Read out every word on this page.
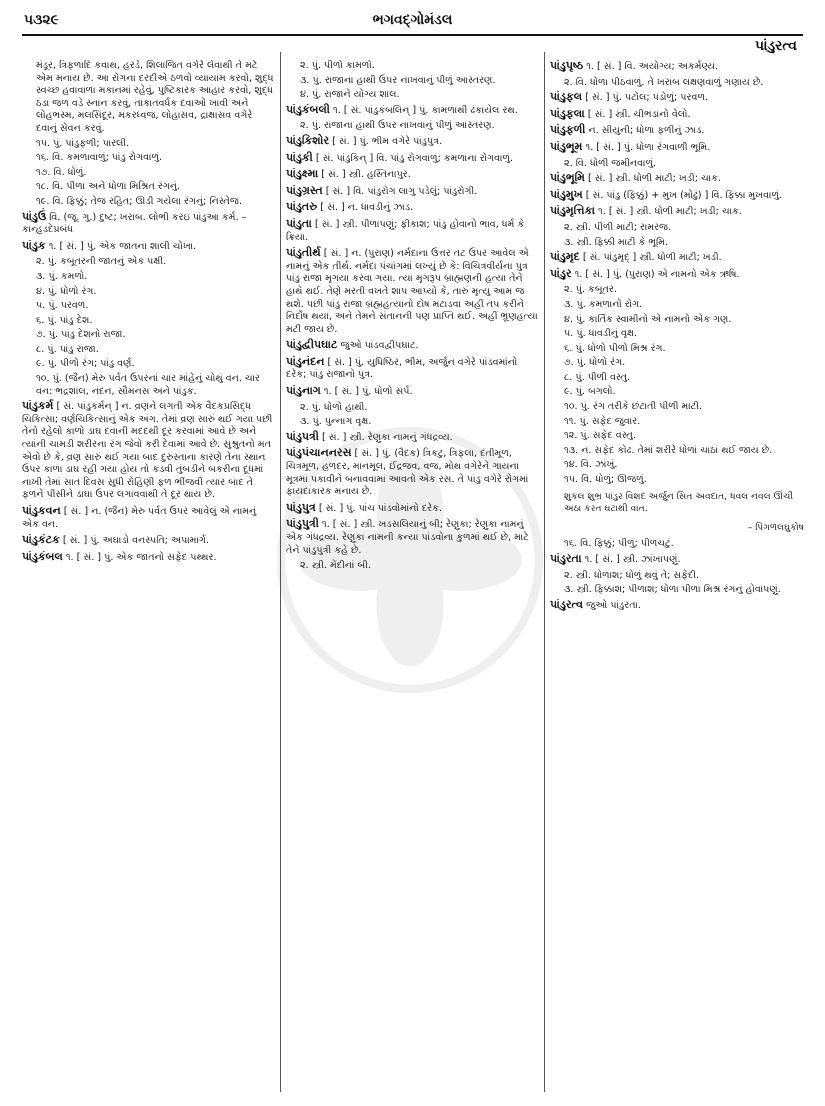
પ૩૨૯	ભગવદ્ગોમંડલ
પાંડુરત્વ
મંડૂર, ત્રિફળાદિ કવાથ, હરડે, શિલાજિત વગેરે લેવાથી તે મટે એમ મનાય છે. આ રોગના દરદીએ ઠળવો વ્યાયામ કરવો, શુદ્ધ સ્વચ્છ હવાવાળા મકાનમાં રહેવું, પુષ્ટિકારક આહાર કરવો, શુદ્ધ ઠંડા જળ વડે સ્નાન કરવું, તાકાતવર્ધક દવાઓ ખાવી અને લોહભસ્મ, મલસિંદૂર, મકરધ્વજ, લોહાસવ, દ્રાક્ષાસવ વગેરે દવાનું સેવન કરવું.
૧૫. પું. પાંડુફળી; પારલી.
૧૬. વિ. કમળાવાળું; પાંડુ રોગવાળું.
૧૭. વિ. ધોળું.
૧૮. વિ. પીળા અને ધોળા મિશ્રિત રંગનું.
૧૯. વિ. ફિક્કું; તેજ રહિત; ઊડી ગયેલા રંગનું; નિસ્તેજ.
પાંડુઉં વિ. (જૂ. ગુ.) દુષ્ટ; ખરાબ. લોભી કરઇ પાંડુઆ કર્મ. – કાન્હડદેપ્રબંધ
પાંડુક ૧. [ સં. ] પું. એક જાતના શાલી ચોખા.
૨. પું. કબૂતરની જાતનું એક પક્ષી.
૩. પું. કમળો.
૪. પું. ધોળો રંગ.
૫. પું. પરવળ.
૬. પું. પાંડુ દેશ.
૭. પું. પાંડુ દેશનો રાજા.
૮. પું. પાંડુ રાજા.
૯. પું. પીળો રંગ; પાંડુ વર્ણ.
૧૦. પું. (જૈન) મેરુ પર્વત ઉપરનાં ચાર માંહેનું ચોથું વન. ચાર વન: ભદ્રશાલ, નંદન, સૌમનસ અને પાંડુક.
પાંડુકર્મ [ સં. પાંડુકર્મન્ ] ન. વ્રણને લગતી એક વૈદકપ્રસિદ્ધ ચિકિત્સા; વર્ણચિકિત્સાનું એક અંગ. તેમાં વ્રણ સારું થઈ ગયા પછી તેનો રહેલો કાળો ડાઘ દવાની મદદથી દૂર કરવામાં આવે છે અને ત્યાંની ચામડી શરીરના રંગ જેવો કરી દેવામાં આવે છે. સુશ્રુતનો મત એવો છે કે, વ્રણ સારું થઈ ગયા બાદ દુરુસ્તાના કારણે તેના સ્થાન ઉપર કાળા ડાઘ રહી ગયા હોય તો કડવી તુંબડીને બકરીના દૂધમાં નાખી તેમાં સાત દિવસ સુધી રોહિણી ફળ ભીંજવી ત્યાર બાદ તે ફળને પીસીને ડાઘા ઉપર લગાવવાથી તે દૂર થાય છે.
પાંડુકવન [ સં. ] ન. (જૈન) મેરુ પર્વત ઉપર આવેલું એ નામનું એક વન.
પાંડુકંટક [ સં. ] પું. અઘાડો વનસ્પતિ; અપામાર્ગ.
પાંડુકંબલ ૧. [ સં. ] પું. એક જાતનો સફેદ પથ્થર.
૨. પું. પીળો કામળો.
૩. પું. રાજાના હાથી ઉપર નાખવાનું પીળું આસ્તરણ.
૪. પું. રાજાને યોગ્ય શાલ.
પાંડુકંબલી ૧. [ સં. પાંડુકંબલિન્ ] પું. કામળાથી ઢંકાયેલ રથ.
૨. પું. રાજાના હાથી ઉપર નાખવાનું પીળું આસ્તરણ.
પાંડુકિશોર [ સં. ] પું. ભીમ વગેરે પાંડુપુત્ર.
પાંડુકી [ સં. પાંડુકિન્ ] વિ. પાંડુ રોગવાળું; કમળાના રોગવાળું.
પાંડુક્ષ્મા [ સં. ] સ્ત્રી. હસ્તિનાપુર.
પાંડુગ્રસ્ત [ સં. ] વિ. પાંડુરોગ લાગુ પડેલું; પાંડુરોગી.
પાંડુતરુ [ સં. ] ન. ધાવડીનું ઝાડ.
પાંડુતા [ સં. ] સ્ત્રી. પીળાપણું; ફીકાશ; પાંડુ હોવાનો ભાવ, ધર્મ કે ક્રિયા.
પાંડુતીર્થ [ સં. ] ન. (પુરાણ) નર્મદાના ઉત્તર તટ ઉપર આવેલ એ નામનું એક તીર્થ. નર્મદા પંચાંગમાં લખ્યું છે કે: વિચિત્રવીર્યના પુત્ર પાંડુ રાજા મૃગયા કરવા ગયા. ત્યાં મૃગરૂપ બ્રાહ્મણની હત્યા તેને હાથે થઈ. તેણે મરતી વખતે શાપ આપ્યો કે, તારું મૃત્યુ આમ જ થશે. પછી પાંડુ રાજા બ્રહ્મહત્યાનો દોષ મટાડવા અહીં તપ કરીને નિર્દોષ થયા, અને તેમને સંતાનની પણ પ્રાપ્તિ થઈ. અહીં ભ્રૂણહત્યા મટી જાય છે.
પાંડુદ્વીપઘાટ જુઓ પાંડવદ્વીપઘાટ.
પાંડુનંદન [ સં. ] પું. યુધિષ્ઠિર, ભીમ, અર્જુન વગેરે પાંડવમાંનો દરેક; પાંડુ રાજાનો પુત્ર.
પાંડુનાગ ૧. [ સં. ] પું. ધોળો સર્પ.
૨. પું. ધોળો હાથી.
૩. પું. પુન્નાગ વૃક્ષ.
પાંડુપત્રી [ સં. ] સ્ત્રી. રેણુકા નામનું ગંધદ્રવ્ય.
પાંડુપંચાનનરસ [ સં. ] પું. (વૈદક) ત્રિકટુ, ત્રિફલા, દંતીમૂળ, ચિત્રમૂળ, હળદર, માનમૂલ, ઈંદ્રજવ, વજ, મોથ વગેરેને ગાયના મૂત્રમાં પકાવીને બનાવવામાં આવતો એક રસ. તે પાંડુ વગેરે રોગમાં ફાયદાકારક મનાય છે.
પાંડુપુત્ર [ સં. ] પું. પાંચ પાંડવોમાંનો દરેક.
પાંડુપુત્રી ૧. [ સં. ] સ્ત્રી. ખડસલિયાનું બી; રેણુકા; રેણુકા નામનું એક ગંધદ્રવ્ય. રેણુકા નામની કન્યા પાંડવોના કુળમાં થઈ છે, માટે તેને પાંડુપુત્રી કહે છે.
૨. સ્ત્રી. મેંદીનાં બી.
પાંડુપૃષ્ઠ ૧. [ સં. ] વિ. અયોગ્ય; અકર્મણ્ય.
૨. વિ. ધોળા પીઠવાળું. તે ખરાબ લક્ષણવાળું ગણાય છે.
પાંડુફલ [ સં. ] પું. પટોલ; પડોળું; પરવળ.
પાંડુફલા [ સં. ] સ્ત્રી. ચીભડાનો વેલો.
પાંડુફળી ન. સીયુની; ધોળા ફળીનું ઝાડ.
પાંડુભૂમ ૧. [ સં. ] પું. ધોળા રંગવાળી ભૂમિ.
૨. વિ. ધોળી જમીનવાળું.
પાંડુભૂમિ [ સં. ] સ્ત્રી. ધોળી માટી; ખડી; ચાક.
પાંડુમુખ [ સં. પાંડુ (ફિક્કું) + મુખ (મોઢું) ] વિ. ફિક્કા મુખવાળું.
પાંડુમૃત્તિકા ૧. [ સં. ] સ્ત્રી. ધોળી માટી; ખડી; ચાક.
૨. સ્ત્રી. પીળી માટી; રામરજ.
૩. સ્ત્રી. ફિક્કી માટી કે ભૂમિ.
પાંડુમૃદ [ સં. પાંડુમૃદ્ ] સ્ત્રી. ધોળી માટી; ખડી.
પાંડુર ૧. [ સં. ] પું. (પુરાણ) એ નામનો એક ઋષિ.
૨. પું. કબૂતર.
૩. પું. કમળાનો રોગ.
૪. પું. કાર્તિક સ્વામીનો એ નામનો એક ગણ.
૫. પું. ધાવડીનું વૃક્ષ.
૬. પું. ધોળો પીળો મિશ્ર રંગ.
૭. પું. ધોળો રંગ.
૮. પું. પીળી વસ્તુ.
૯. પું. બગલો.
૧૦. પું. રંગ તરીકે છંટાતી પીળી માટી.
૧૧. પું. સફેદ જુવાર.
૧૨. પું. સફેદ વસ્તુ.
૧૩. ન. સફેદ કોઢ. તેમાં શરીરે ધોળાં ચાઠાં થઈ જાય છે.
૧૪. વિ. ઝાંખું.
૧૫. વિ. ધોળું; ઊજળું.
શુકલ શુભ્ર પાંડુર વિશદ અર્જુન સિત અવદાત, ધવલ નવલ ઊંચી અઠા કરત ઘટાથી વાત.
– પિંગળલઘુકોષ
૧૬. વિ. ફિક્કું; પીળું; પીળચટું.
પાંડુરતા ૧. [ સં. ] સ્ત્રી. ઝાંખાપણું.
૨. સ્ત્રી. ધોળાશ; ધોળું થવું તે; સફેદી.
૩. સ્ત્રી. ફિક્કાશ; પીળાશ; ધોળા પીળા મિશ્ર રંગનું હોવાપણું.
પાંડુરત્વ જુઓ પાંડુરતા.
